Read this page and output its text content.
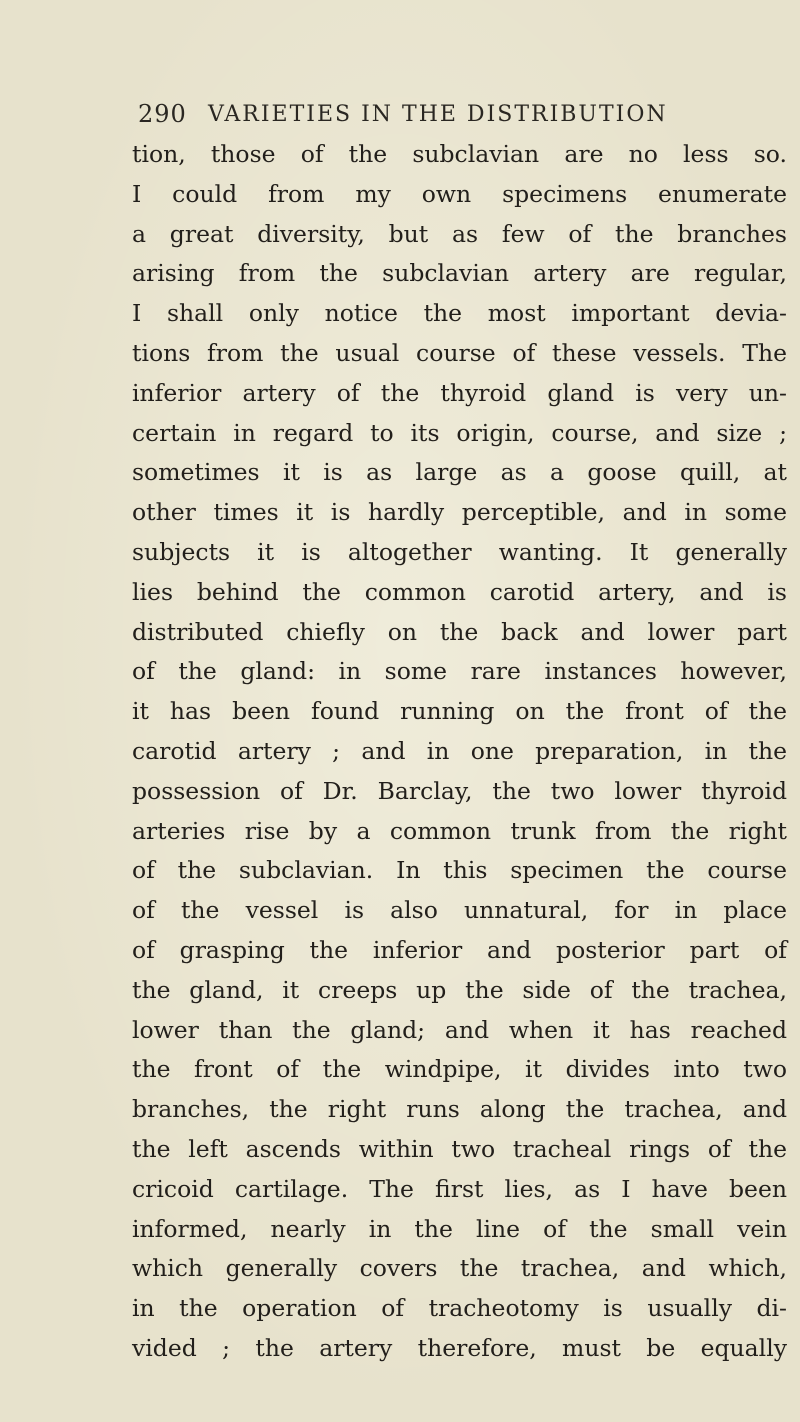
290 VARIETIES IN THE DISTRIBUTION
tion, those of the subclavian are no less so.
I could from my own specimens enumerate
a great diversity, but as few of the branches
arising from the subclavian artery are regular,
I shall only notice the most important devia-
tions from the usual course of these vessels. The
inferior artery of the thyroid gland is very un-
certain in regard to its origin, course, and size ;
sometimes it is as large as a goose quill, at
other times it is hardly perceptible, and in some
subjects it is altogether wanting. It generally
lies behind the common carotid artery, and is
distributed chiefly on the back and lower part
of the gland: in some rare instances however,
it has been found running on the front of the
carotid artery ; and in one preparation, in the
possession of Dr. Barclay, the two lower thyroid
arteries rise by a common trunk from the right
of the subclavian. In this specimen the course
of the vessel is also unnatural, for in place
of grasping the inferior and posterior part of
the gland, it creeps up the side of the trachea,
lower than the gland; and when it has reached
the front of the windpipe, it divides into two
branches, the right runs along the trachea, and
the left ascends within two tracheal rings of the
cricoid cartilage. The first lies, as I have been
informed, nearly in the line of the small vein
which generally covers the trachea, and which,
in the operation of tracheotomy is usually di-
vided ; the artery therefore, must be equally
